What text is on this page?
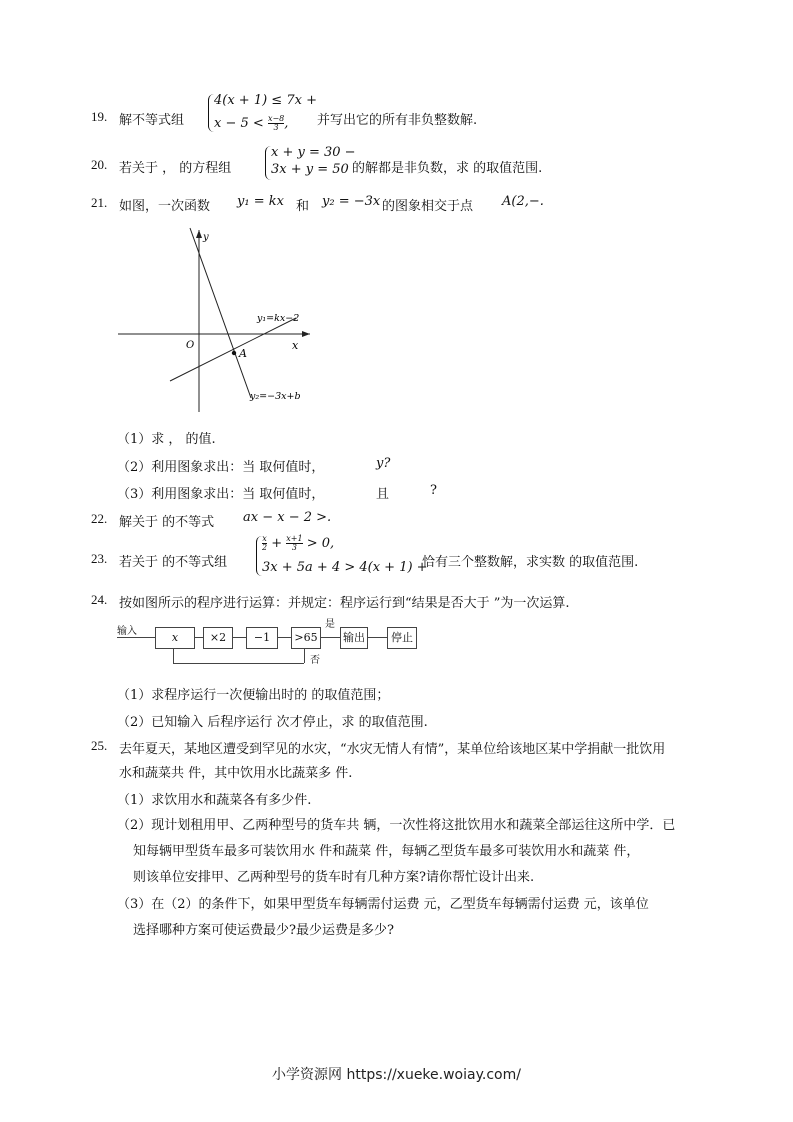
19. 解不等式组
4(x + 1) ≤ 7x +
$x - 5 < \frac{x-8}{3}$ , 并写出它的所有非负整数解.
20. 若关于 ， 的方程组
x + y = 30 −
3x + y = 50 的解都是非负数，求 的取值范围.
21. 如图，一次函数 y₁ = kx 和 y₂ = −3x 的图象相交于点 A(2,−.
y
x
O
A
y₁=kx−2
y₂=−3x+b
（1）求 ， 的值.
（2）利用图象求出：当 取何值时，	y?
（3）利用图象求出：当 取何值时，	且	?
22. 解关于 的不等式 ax − x − 2 >.
23. 若关于 的不等式组
$\frac{x}{2} + \frac{x+1}{3} > 0$,
3x + 5a + 4 > 4(x + 1) +
恰有三个整数解，求实数 的取值范围.
24. 按如图所示的程序进行运算：并规定：程序运行到“结果是否大于 ”为一次运算.
输入	x	×2	−1	>65
是
输出	停止
否
（1）求程序运行一次便输出时的 的取值范围；
（2）已知输入 后程序运行 次才停止，求 的取值范围.
25. 去年夏天，某地区遭受到罕见的水灾，“水灾无情人有情”，某单位给该地区某中学捐献一批饮用
水和蔬菜共 件，其中饮用水比蔬菜多 件.
（1）求饮用水和蔬菜各有多少件.
（2）现计划租用甲、乙两种型号的货车共 辆，一次性将这批饮用水和蔬菜全部运往这所中学．已
知每辆甲型货车最多可装饮用水 件和蔬菜 件，每辆乙型货车最多可装饮用水和蔬菜 件，
则该单位安排甲、乙两种型号的货车时有几种方案?请你帮忙设计出来.
（3）在（2）的条件下，如果甲型货车每辆需付运费 元，乙型货车每辆需付运费 元，该单位
选择哪种方案可使运费最少?最少运费是多少?
小学资源网 https://xueke.woiay.com/
